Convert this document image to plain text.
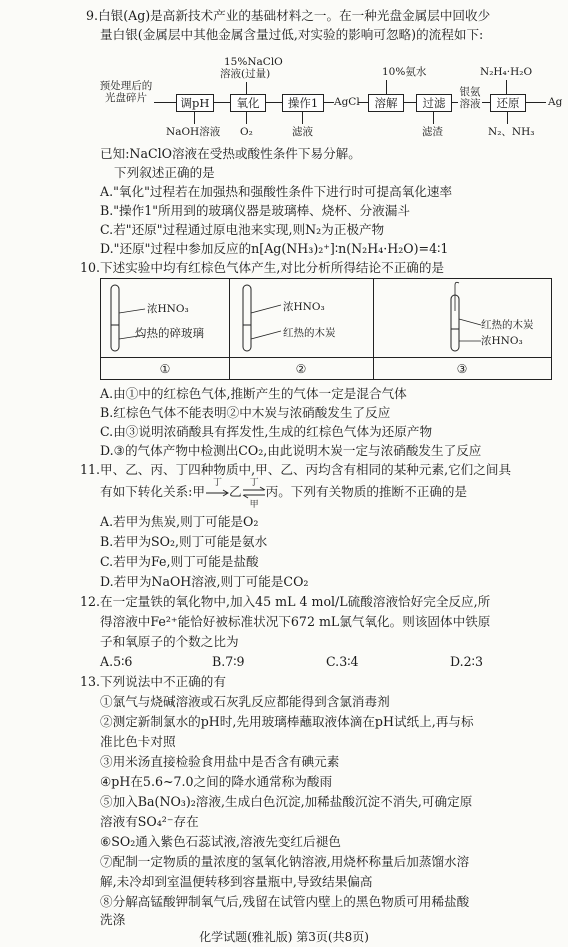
9.白银(Ag)是高新技术产业的基础材料之一。在一种光盘金属层中回收少
量白银(金属层中其他金属含量过低,对实验的影响可忽略)的流程如下:
预处理后的光盘碎片
15%NaClO
溶液(过量)
调pH	氧化	操作1	AgCl
10%氨水
溶解	过滤
银氨溶液
N₂H₄·H₂O
还原	Ag
NaOH溶液 O₂	滤液	滤渣	N₂、NH₃
已知:NaClO溶液在受热或酸性条件下易分解。
下列叙述正确的是
A."氧化"过程若在加强热和强酸性条件下进行时可提高氧化速率
B."操作1"所用到的玻璃仪器是玻璃棒、烧杯、分液漏斗
C.若"还原"过程通过原电池来实现,则N₂为正极产物
D."还原"过程中参加反应的n[Ag(NH₃)₂⁺]∶n(N₂H₄·H₂O)=4∶1
10.下述实验中均有红棕色气体产生,对比分析所得结论不正确的是
浓HNO₃
灼热的碎玻璃
浓HNO₃
红热的木炭
红热的木炭
浓HNO₃
①	②	③
A.由①中的红棕色气体,推断产生的气体一定是混合气体
B.红棕色气体不能表明②中木炭与浓硝酸发生了反应
C.由③说明浓硝酸具有挥发性,生成的红棕色气体为还原产物
D.③的气体产物中检测出CO₂,由此说明木炭一定与浓硝酸发生了反应
11.甲、乙、丙、丁四种物质中,甲、乙、丙均含有相同的某种元素,它们之间具
有如下转化关系:甲
丁
乙
丁
甲
丙。下列有关物质的推断不正确的是
A.若甲为焦炭,则丁可能是O₂
B.若甲为SO₂,则丁可能是氨水
C.若甲为Fe,则丁可能是盐酸
D.若甲为NaOH溶液,则丁可能是CO₂
12.在一定量铁的氧化物中,加入45 mL 4 mol/L硫酸溶液恰好完全反应,所
得溶液中Fe²⁺能恰好被标准状况下672 mL氯气氧化。则该固体中铁原
子和氧原子的个数之比为
A.5∶6	B.7∶9	C.3∶4	D.2∶3
13.下列说法中不正确的有
①氯气与烧碱溶液或石灰乳反应都能得到含氯消毒剂
②测定新制氯水的pH时,先用玻璃棒蘸取液体滴在pH试纸上,再与标
准比色卡对照
③用米汤直接检验食用盐中是否含有碘元素
④pH在5.6~7.0之间的降水通常称为酸雨
⑤加入Ba(NO₃)₂溶液,生成白色沉淀,加稀盐酸沉淀不消失,可确定原
溶液有SO₄²⁻存在
⑥SO₂通入紫色石蕊试液,溶液先变红后褪色
⑦配制一定物质的量浓度的氢氧化钠溶液,用烧杯称量后加蒸馏水溶
解,未冷却到室温便转移到容量瓶中,导致结果偏高
⑧分解高锰酸钾制氧气后,残留在试管内壁上的黑色物质可用稀盐酸
洗涤
化学试题(雅礼版) 第3页(共8页)
